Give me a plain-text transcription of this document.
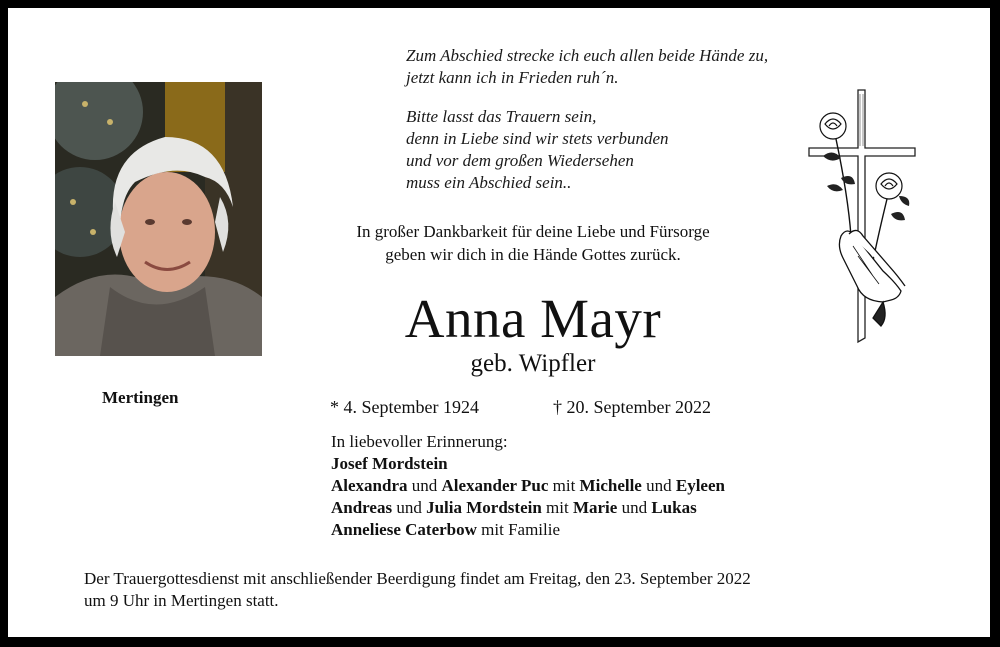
Mertingen
Zum Abschied strecke ich euch allen beide Hände zu,
jetzt kann ich in Frieden ruh´n.
Bitte lasst das Trauern sein,
denn in Liebe sind wir stets verbunden
und vor dem großen Wiedersehen
muss ein Abschied sein..
In großer Dankbarkeit für deine Liebe und Fürsorge
geben wir dich in die Hände Gottes zurück.
Anna Mayr
geb. Wipfler
* 4. September 1924	† 20. September 2022
In liebevoller Erinnerung:
Josef Mordstein
Alexandra und Alexander Puc mit Michelle und Eyleen
Andreas und Julia Mordstein mit Marie und Lukas
Anneliese Caterbow mit Familie
Der Trauergottesdienst mit anschließender Beerdigung findet am Freitag, den 23. September 2022
um 9 Uhr in Mertingen statt.
